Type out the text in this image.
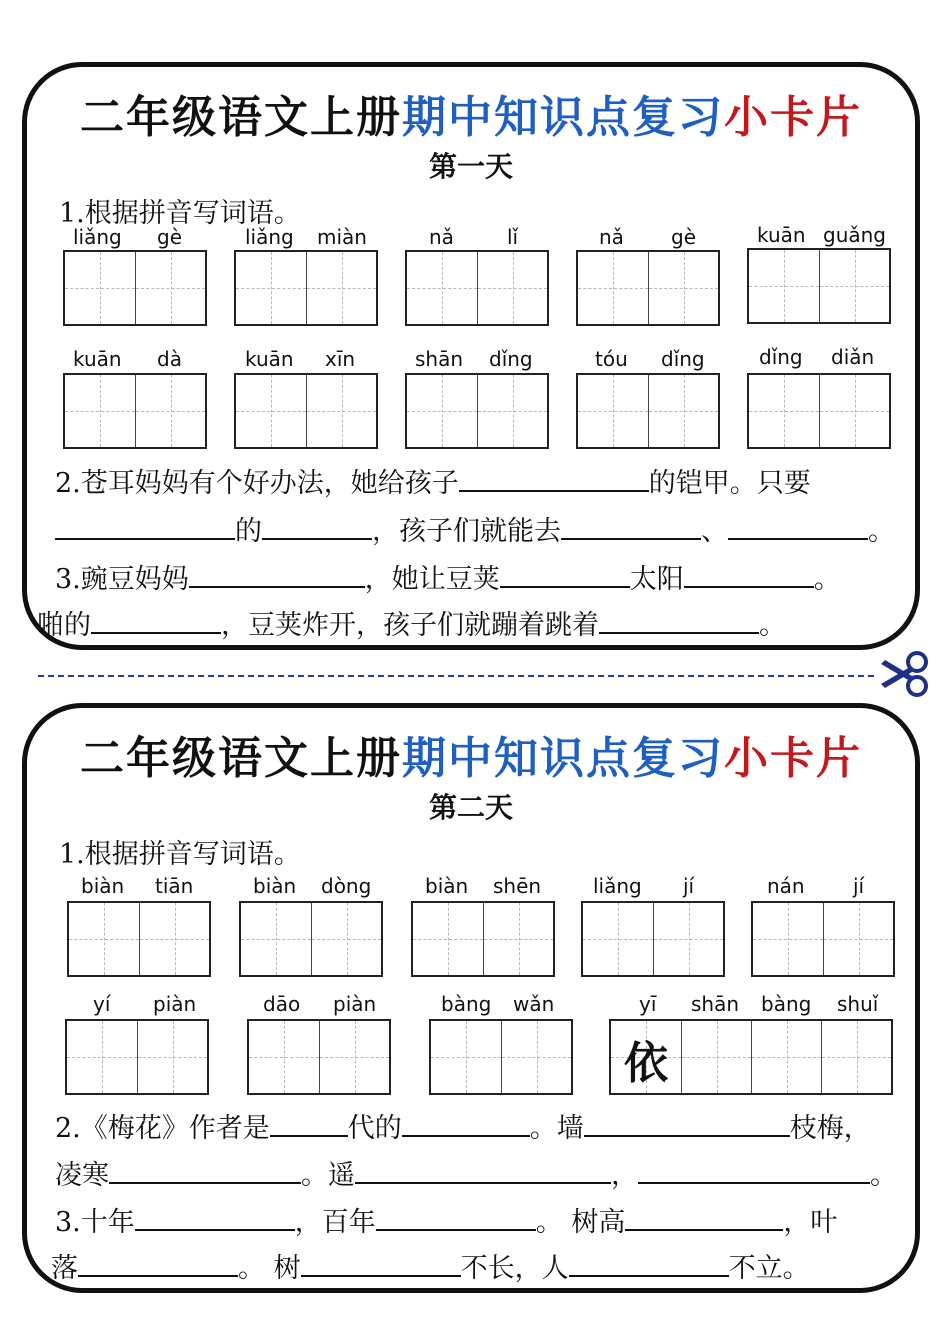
二年级语文上册期中知识点复习小卡片
第一天
1.根据拼音写词语。
liǎng gè	liǎng miàn	nǎ	lǐ	nǎ gè	kuān guǎng
kuān dà	kuān xīn	shān dǐng	tóu dǐng	dǐng diǎn
2.苍耳妈妈有个好办法，她给孩子	的铠甲。只要
的	，孩子们就能去	、	。
3.豌豆妈妈	，她让豆荚	太阳	。
啪的	，豆荚炸开，孩子们就蹦着跳着	。
二年级语文上册期中知识点复习小卡片
第二天
1.根据拼音写词语。
biàn tiān	biàn dòng	biàn shēn	liǎng jí	nán jí
yí piàn	dāo piàn	bàng wǎn	yī shān bàng shuǐ
依
2.《梅花》作者是	代的	。墙	枝梅，
凌寒	。遥	，	。
3.十年	，百年	。 树高	，叶
落	。 树	不长，人	不立。
